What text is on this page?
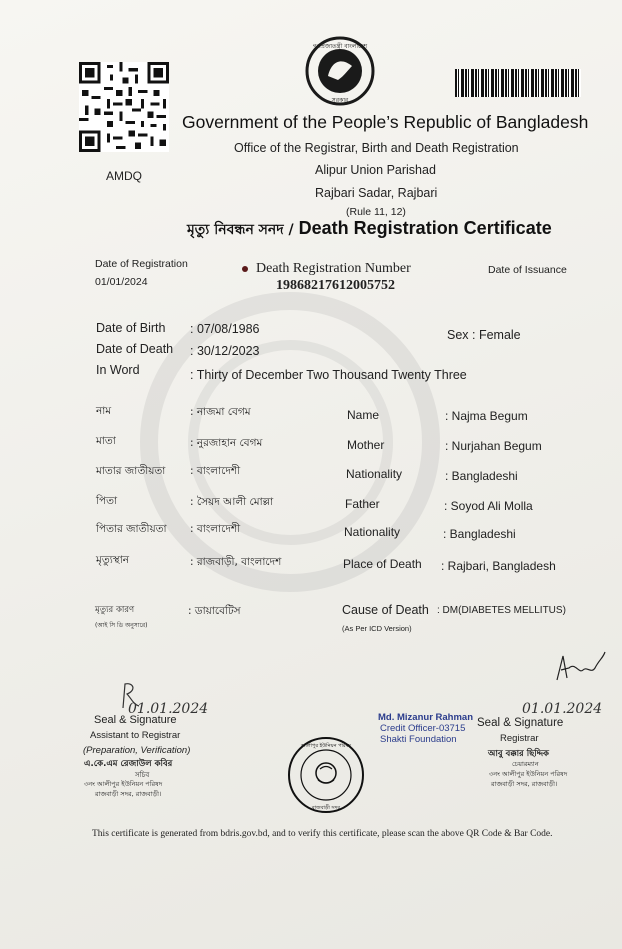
AMDQ
গণপ্রজাতন্ত্রী বাংলাদেশ
সরকার
Government of the People’s Republic of Bangladesh
Office of the Registrar, Birth and Death Registration
Alipur Union Parishad
Rajbari Sadar, Rajbari
(Rule 11, 12)
মৃত্যু নিবন্ধন সনদ / Death Registration Certificate
Date of Registration
01/01/2024
Death Registration Number
19868217612005752
Date of Issuance
Date of Birth : 07/08/1986	Sex : Female
Date of Death : 30/12/2023
In Word	: Thirty of December Two Thousand Twenty Three
নাম	: নাজমা বেগম	Name	: Najma Begum
মাতা	: নুরজাহান বেগম	Mother	: Nurjahan Begum
মাতার জাতীয়তা : বাংলাদেশী	Nationality	: Bangladeshi
পিতা	: সৈয়দ আলী মোল্লা	Father	: Soyod Ali Molla
পিতার জাতীয়তা : বাংলাদেশী	Nationality	: Bangladeshi
মৃত্যুস্থান	: রাজবাড়ী, বাংলাদেশ	Place of Death : Rajbari, Bangladesh
মৃত্যুর কারণ
(আই সি ডি অনুসারে)
: ডায়াবেটিস	Cause of Death : DM(DIABETES MELLITUS)
(As Per ICD Version)
01.01.2024
Seal & Signature
Assistant to Registrar
(Preparation, Verification)
এ.কে.এম রেজাউল কবির
সচিব
৩নং আলীপুর ইউনিয়ন পরিষদ
রাজবাড়ী সদর, রাজবাড়ী।
আলীপুর ইউনিয়ন পরিষদ
রাজবাড়ী সদর
01.01.2024
Md. Mizanur Rahman
Credit Officer-03715
Shakti Foundation
Seal & Signature
Registrar
আবু বক্কার ছিদ্দিক
চেয়ারম্যান
৩নং আলীপুর ইউনিয়ন পরিষদ
রাজবাড়ী সদর, রাজবাড়ী।
This certificate is generated from bdris.gov.bd, and to verify this certificate, please scan the above QR Code & Bar Code.
